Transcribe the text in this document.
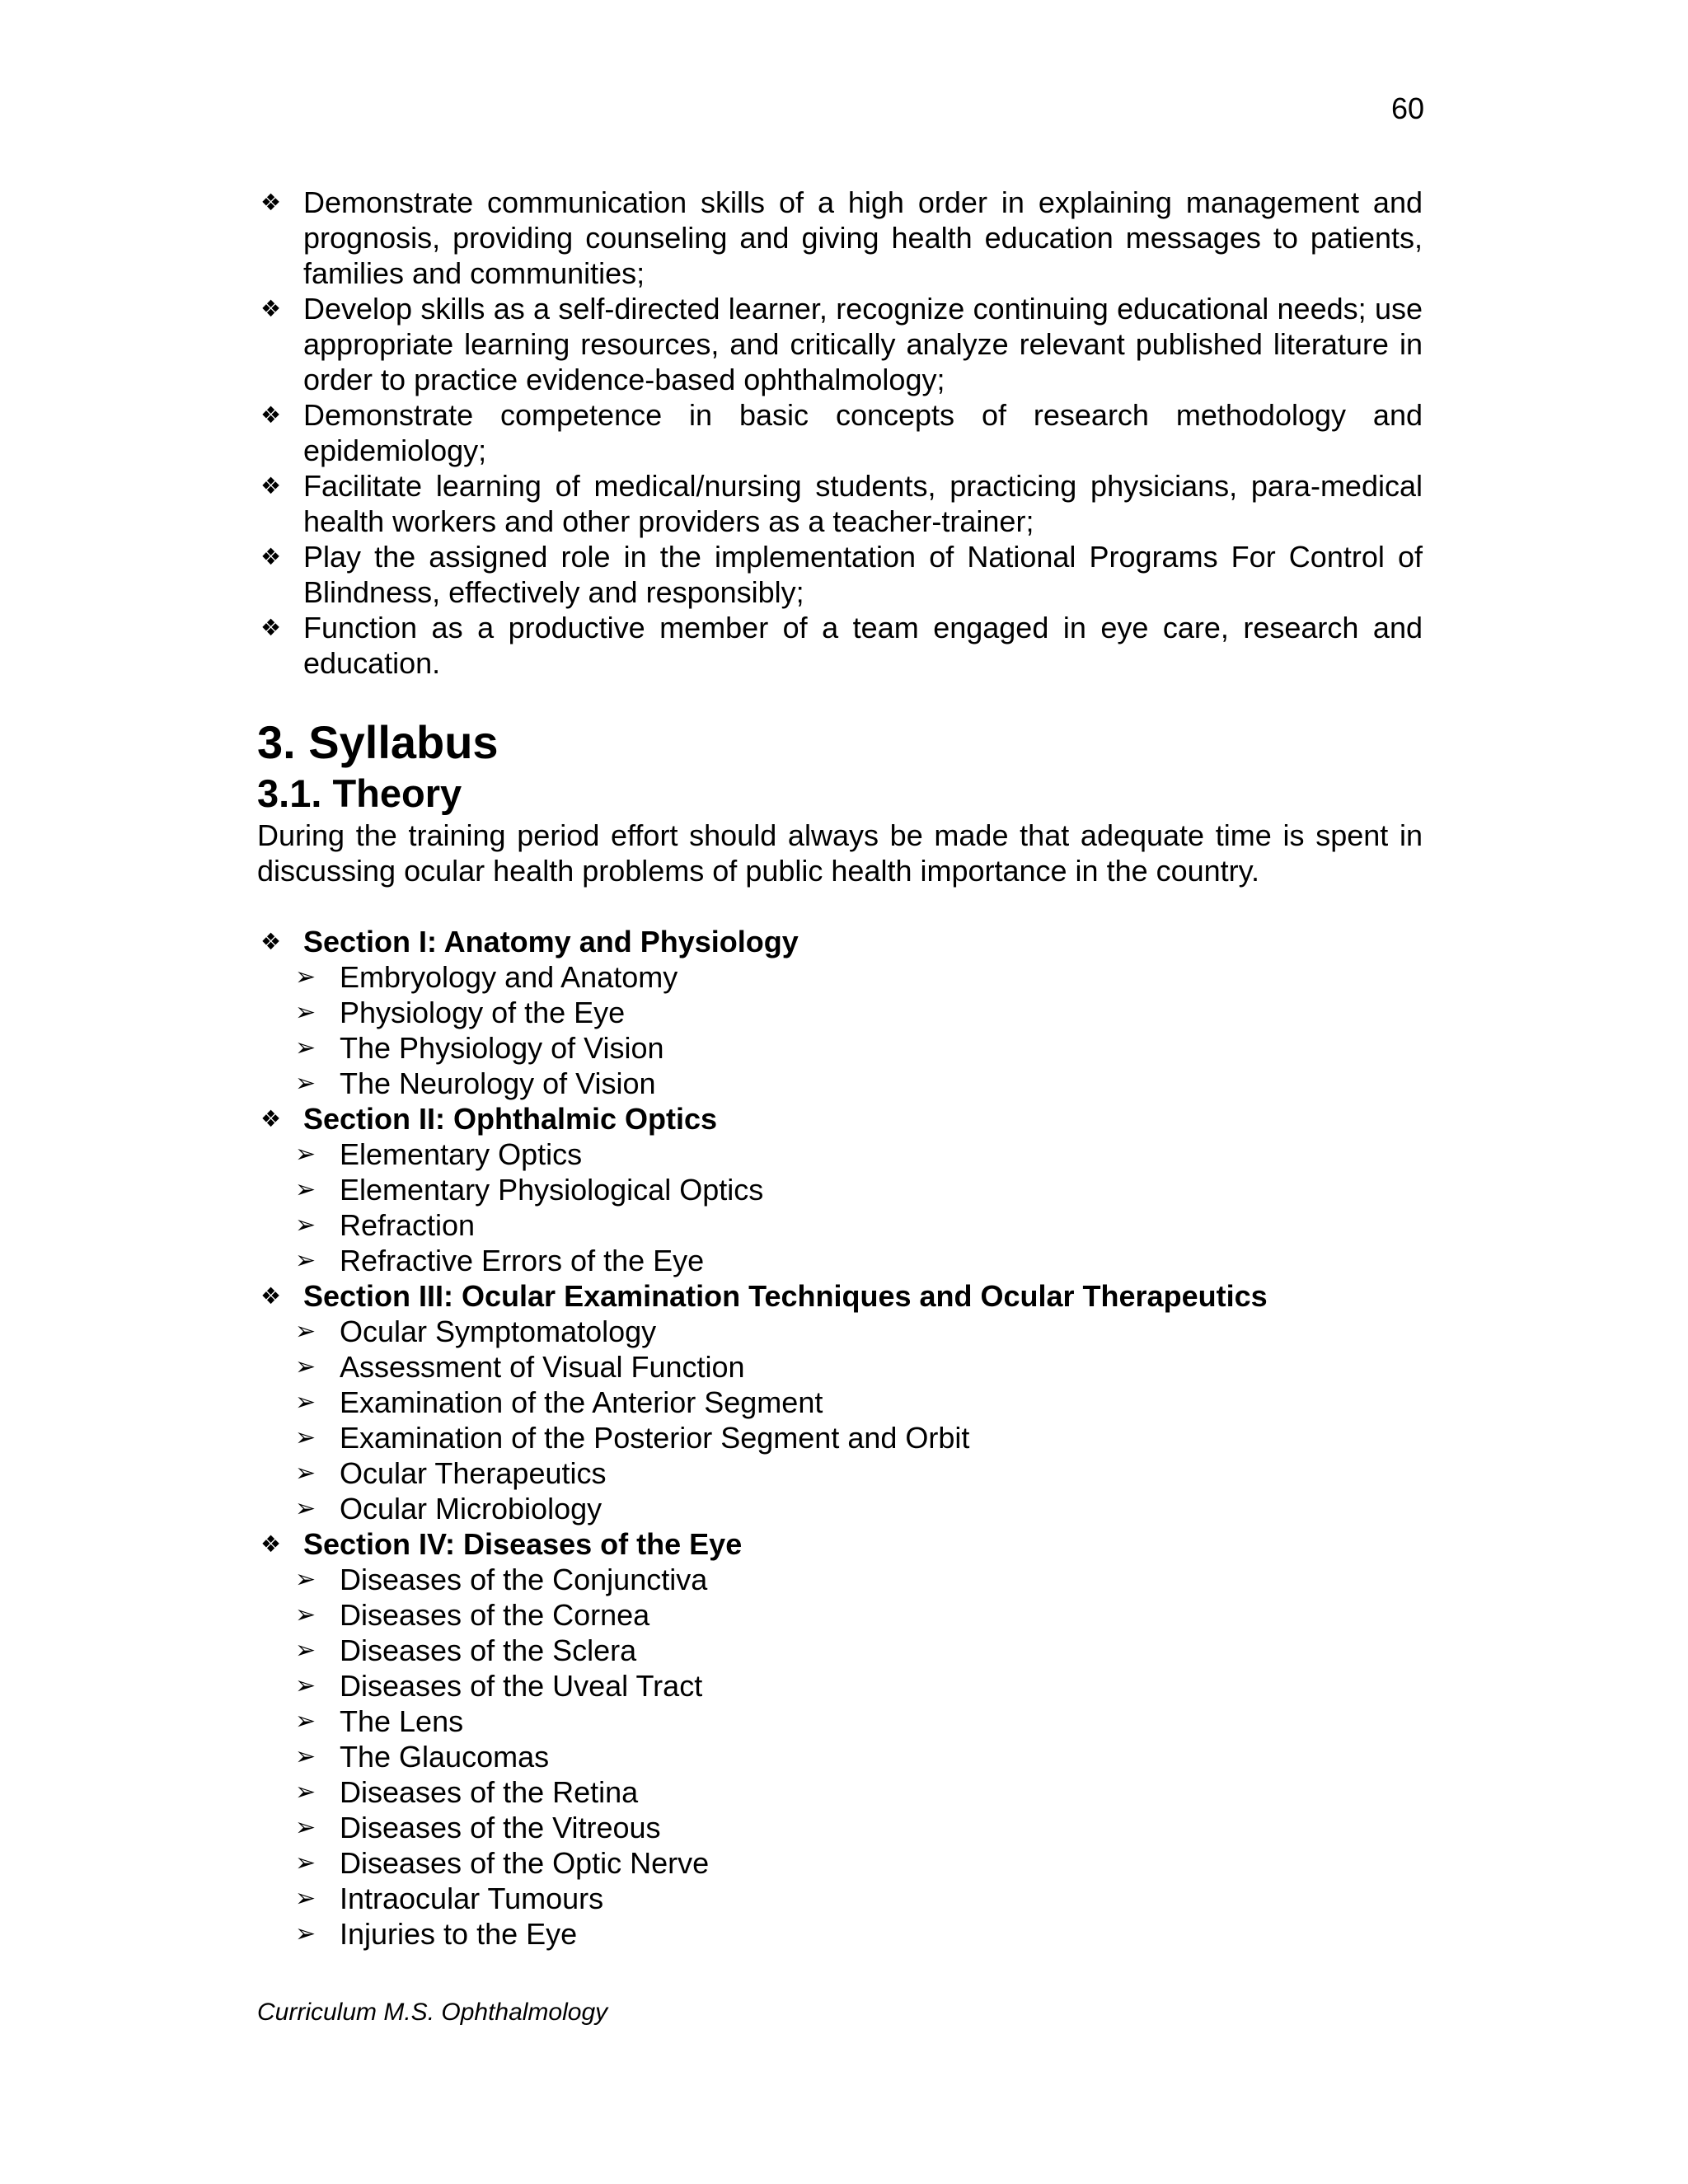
60
❖ Demonstrate communication skills of a high order in explaining management and prognosis, providing counseling and giving health education messages to patients, families and communities;
❖ Develop skills as a self-directed learner, recognize continuing educational needs; use appropriate learning resources, and critically analyze relevant published literature in order to practice evidence-based ophthalmology;
❖ Demonstrate competence in basic concepts of research methodology and epidemiology;
❖ Facilitate learning of medical/nursing students, practicing physicians, para-medical health workers and other providers as a teacher-trainer;
❖ Play the assigned role in the implementation of National Programs For Control of Blindness, effectively and responsibly;
❖ Function as a productive member of a team engaged in eye care, research and education.
3. Syllabus
3.1. Theory

During the training period effort should always be made that adequate time is spent in discussing ocular health problems of public health importance in the country.

❖ Section I: Anatomy and Physiology
➢ Embryology and Anatomy
➢ Physiology of the Eye
➢ The Physiology of Vision
➢ The Neurology of Vision
❖ Section II: Ophthalmic Optics
➢ Elementary Optics
➢ Elementary Physiological Optics
➢ Refraction
➢ Refractive Errors of the Eye
❖ Section III: Ocular Examination Techniques and Ocular Therapeutics
➢ Ocular Symptomatology
➢ Assessment of Visual Function
➢ Examination of the Anterior Segment
➢ Examination of the Posterior Segment and Orbit
➢ Ocular Therapeutics
➢ Ocular Microbiology
❖ Section IV: Diseases of the Eye
➢ Diseases of the Conjunctiva
➢ Diseases of the Cornea
➢ Diseases of the Sclera
➢ Diseases of the Uveal Tract
➢ The Lens
➢ The Glaucomas
➢ Diseases of the Retina
➢ Diseases of the Vitreous
➢ Diseases of the Optic Nerve
➢ Intraocular Tumours
➢ Injuries to the Eye
Curriculum M.S. Ophthalmology
